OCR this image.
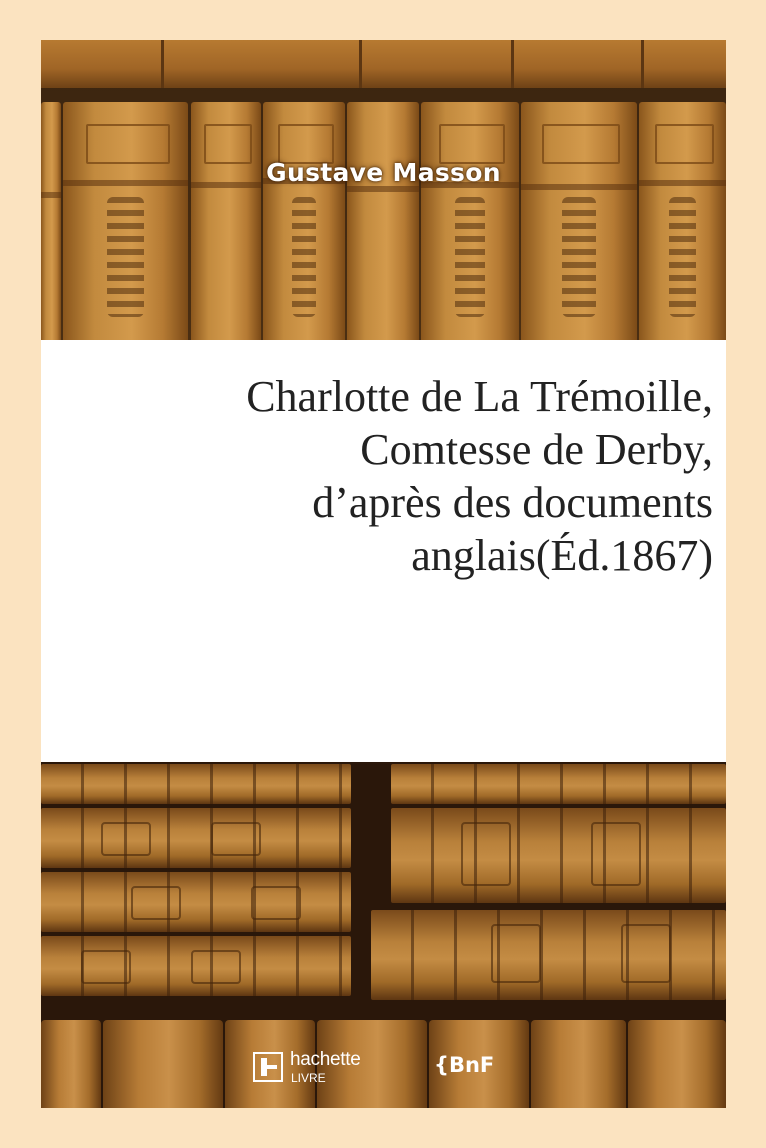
Gustave Masson
Charlotte de La Trémoille,
Comtesse de Derby,
d’après des documents
anglais(Éd.1867)
hachette
LIVRE
{BnF
